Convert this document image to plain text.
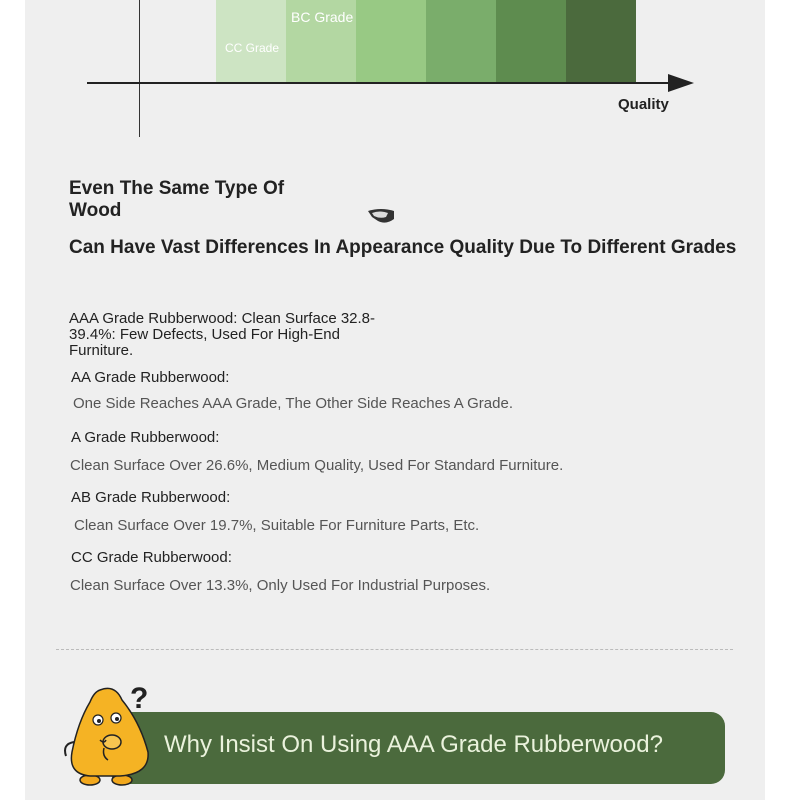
CC Grade
BC Grade
Quality
Even The Same Type Of Wood
Can Have Vast Differences In Appearance Quality Due To Different Grades
AAA Grade Rubberwood: Clean Surface 32.8-39.4%: Few Defects, Used For High-End Furniture.
AA Grade Rubberwood:
One Side Reaches AAA Grade, The Other Side Reaches A Grade.
A Grade Rubberwood:
Clean Surface Over 26.6%, Medium Quality, Used For Standard Furniture.
AB Grade Rubberwood:
Clean Surface Over 19.7%, Suitable For Furniture Parts, Etc.
CC Grade Rubberwood:
Clean Surface Over 13.3%, Only Used For Industrial Purposes.
Why Insist On Using AAA Grade Rubberwood?
?
